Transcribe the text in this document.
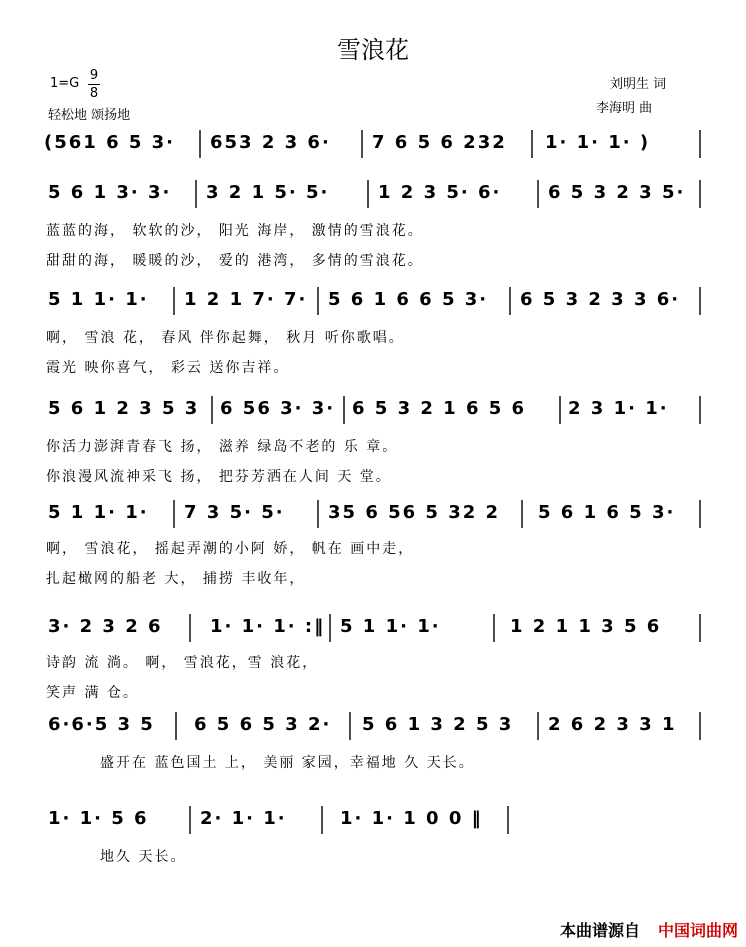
雪浪花
1=G
9
8
轻松地 颂扬地
刘明生 词
李海明 曲
(561 6 5 3· 653 2 3 6· 7 6 5 6 232 1· 1· 1· )
5 6 1 3· 3· 3 2 1 5· 5·	1 2 3 5· 6·	6 5 3 2 3 5·
蓝蓝的海， 软软的沙， 阳光 海岸， 激情的雪浪花。
甜甜的海， 暖暖的沙， 爱的 港湾， 多情的雪浪花。
5 1 1· 1· 1 2 1 7· 7· 5 6 1 6 6 5 3· 6 5 3 2 3 3 6·
啊， 雪浪 花， 春风 伴你起舞， 秋月 听你歌唱。
霞光 映你喜气， 彩云 送你吉祥。
5 6 1 2 3 5 3 6 56 3· 3· 6 5 3 2 1 6 5 6 2 3 1· 1·
你活力澎湃青春飞 扬， 滋养 绿岛不老的 乐 章。
你浪漫风流神采飞 扬， 把芬芳洒在人间 天 堂。
5 1 1· 1· 7 3 5· 5· 35 6 56 5 32 2 5 6 1 6 5 3·
啊， 雪浪花， 摇起弄潮的小阿 娇， 帆在 画中走，
扎起橄网的船老 大， 捕捞 丰收年，
3· 2 3 2 6	1· 1· 1· :‖ 5 1 1· 1·	1 2 1 1 3 5 6
诗韵 流 淌。 啊， 雪浪花，雪 浪花，
笑声 满 仓。
6·6·5 3 5 6 5 6 5 3 2· 5 6 1 3 2 5 3 2 6 2 3 3 1
盛开在 蓝色国土 上， 美丽 家园，幸福地 久 天长。
1· 1· 5 6	2· 1· 1·	1· 1· 1 0 0 ‖
地久 天长。
本曲谱源自 中国词曲网
